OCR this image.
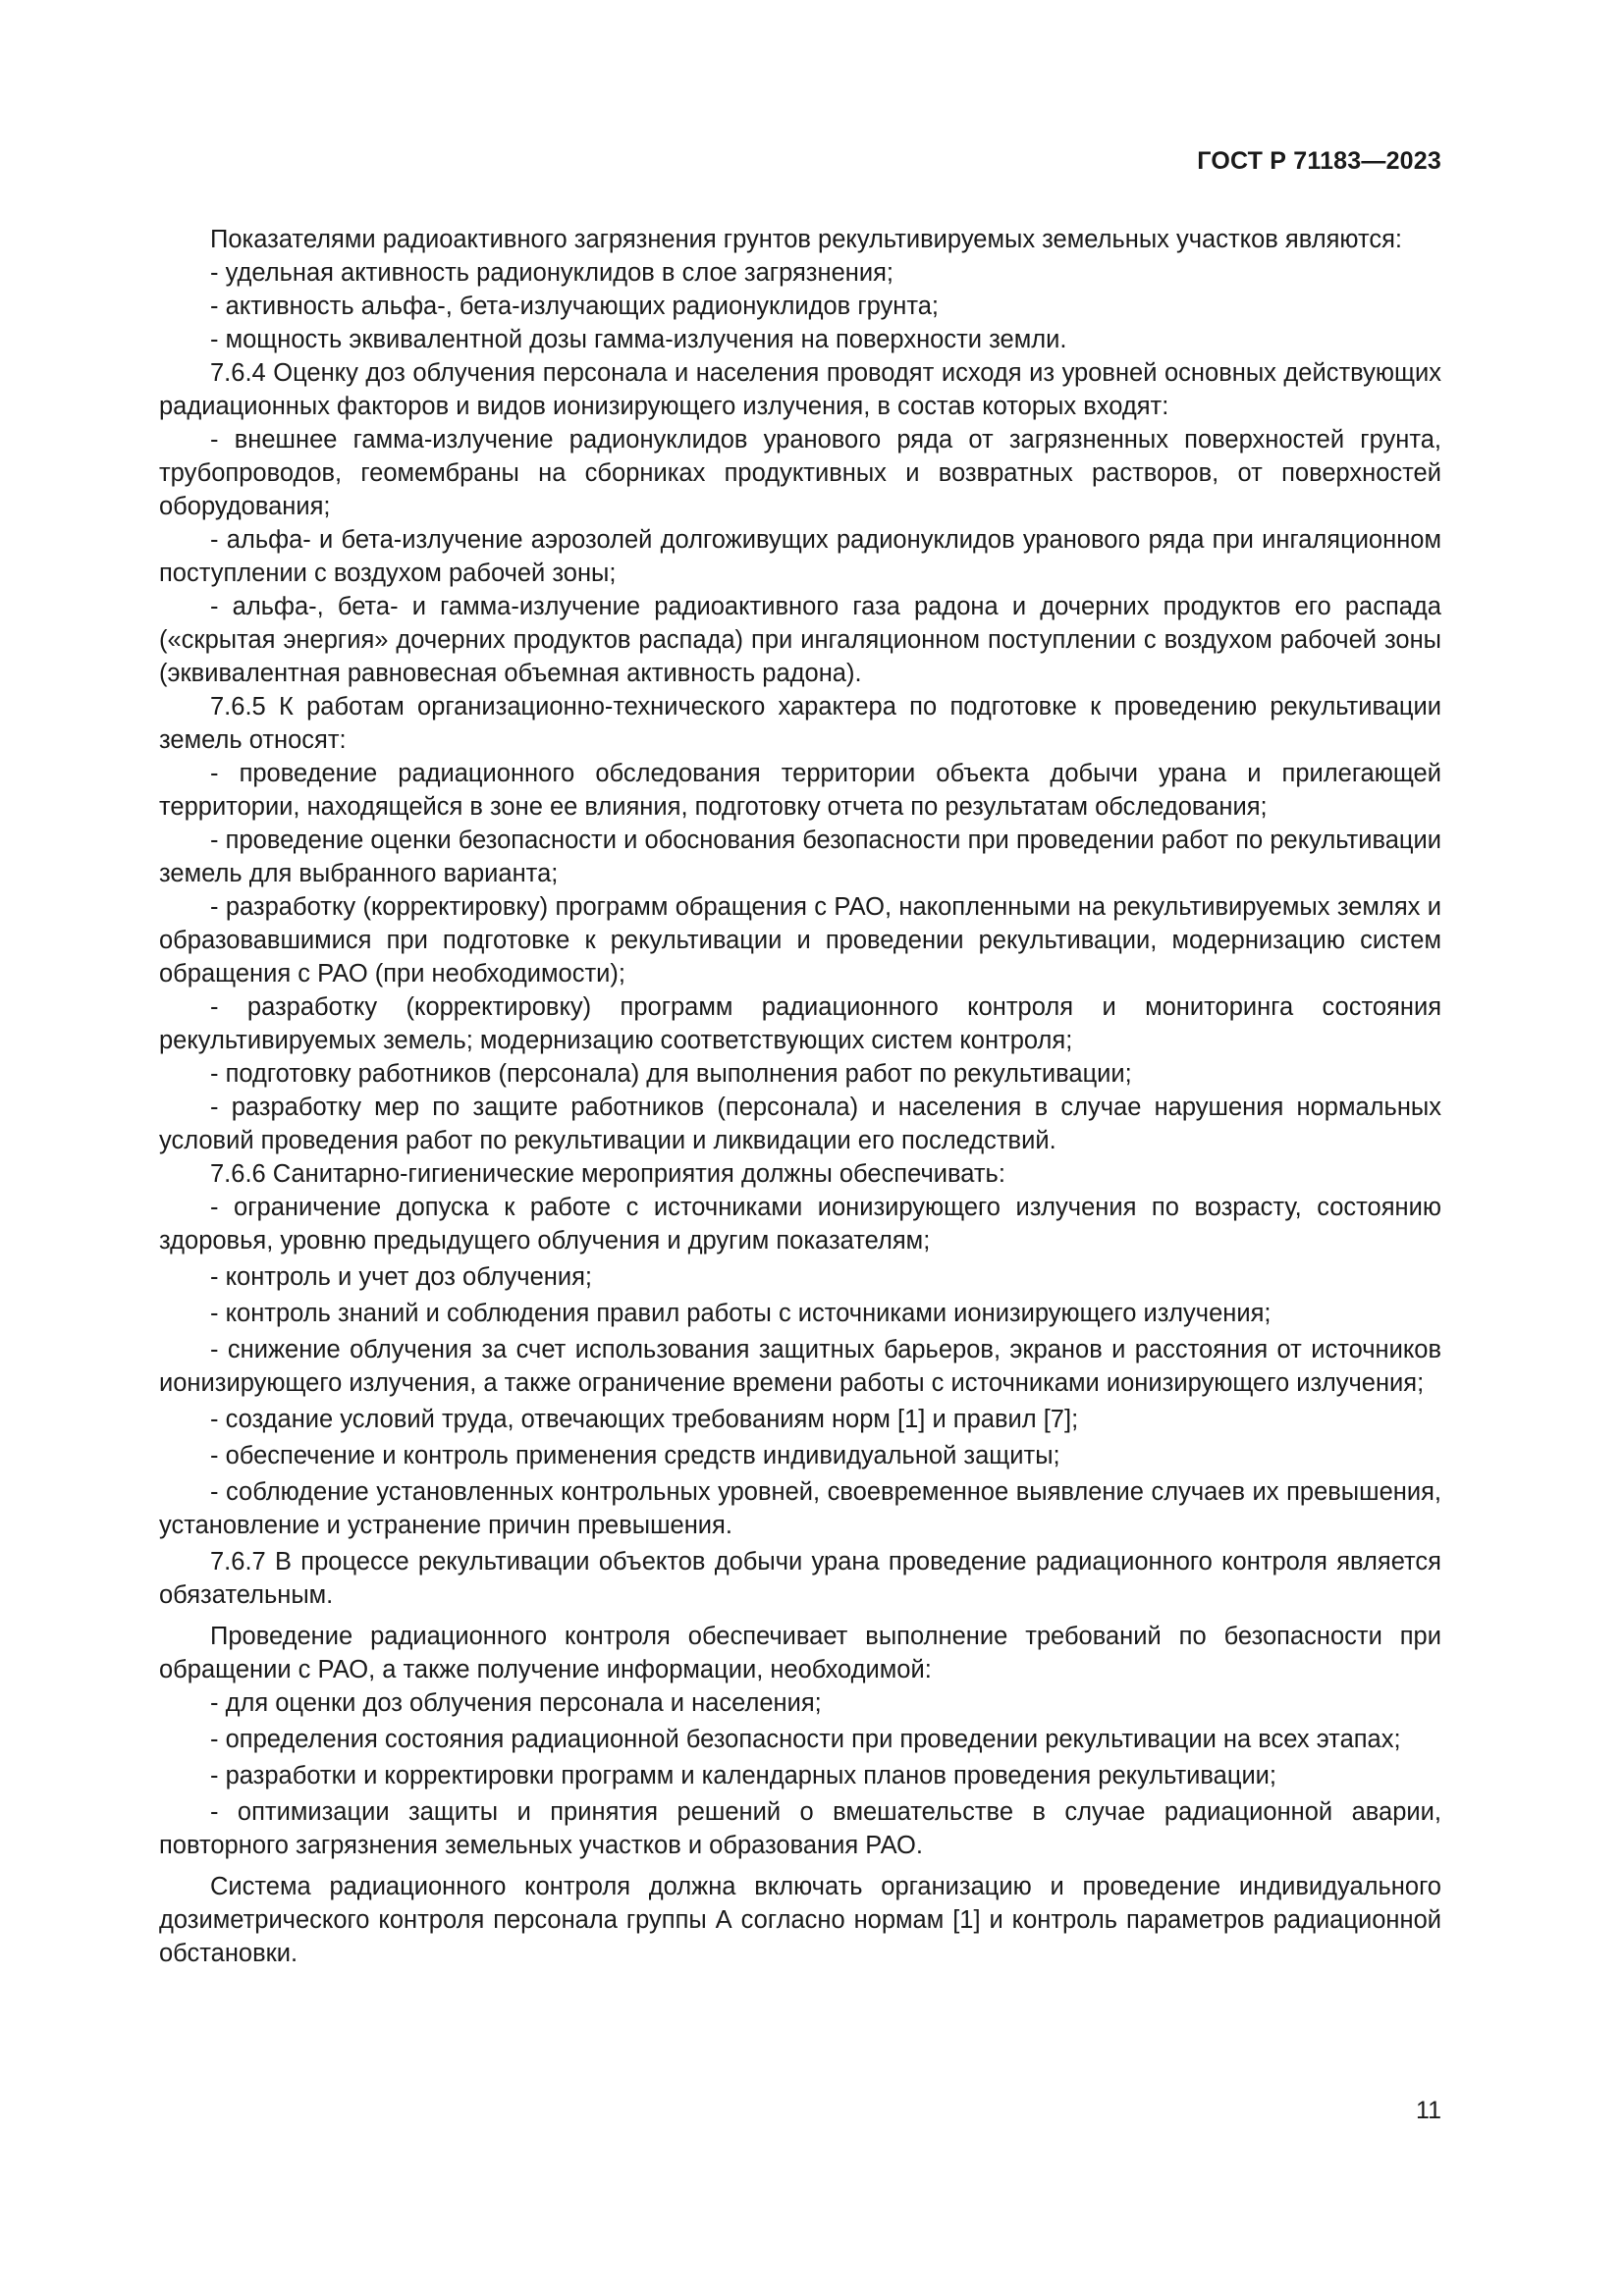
ГОСТ Р 71183—2023

Показателями радиоактивного загрязнения грунтов рекультивируемых земельных участков являются:

- удельная активность радионуклидов в слое загрязнения;

- активность альфа-, бета-излучающих радионуклидов грунта;

- мощность эквивалентной дозы гамма-излучения на поверхности земли.

7.6.4 Оценку доз облучения персонала и населения проводят исходя из уровней основных действующих радиационных факторов и видов ионизирующего излучения, в состав которых входят:

- внешнее гамма-излучение радионуклидов уранового ряда от загрязненных поверхностей грунта, трубопроводов, геомембраны на сборниках продуктивных и возвратных растворов, от поверхностей оборудования;

- альфа- и бета-излучение аэрозолей долгоживущих радионуклидов уранового ряда при ингаляционном поступлении с воздухом рабочей зоны;

- альфа-, бета- и гамма-излучение радиоактивного газа радона и дочерних продуктов его распада («скрытая энергия» дочерних продуктов распада) при ингаляционном поступлении с воздухом рабочей зоны (эквивалентная равновесная объемная активность радона).

7.6.5 К работам организационно-технического характера по подготовке к проведению рекультивации земель относят:

- проведение радиационного обследования территории объекта добычи урана и прилегающей территории, находящейся в зоне ее влияния, подготовку отчета по результатам обследования;

- проведение оценки безопасности и обоснования безопасности при проведении работ по рекультивации земель для выбранного варианта;

- разработку (корректировку) программ обращения с РАО, накопленными на рекультивируемых землях и образовавшимися при подготовке к рекультивации и проведении рекультивации, модернизацию систем обращения с РАО (при необходимости);

- разработку (корректировку) программ радиационного контроля и мониторинга состояния рекультивируемых земель; модернизацию соответствующих систем контроля;

- подготовку работников (персонала) для выполнения работ по рекультивации;

- разработку мер по защите работников (персонала) и населения в случае нарушения нормальных условий проведения работ по рекультивации и ликвидации его последствий.

7.6.6 Санитарно-гигиенические мероприятия должны обеспечивать:

- ограничение допуска к работе с источниками ионизирующего излучения по возрасту, состоянию здоровья, уровню предыдущего облучения и другим показателям;

- контроль и учет доз облучения;

- контроль знаний и соблюдения правил работы с источниками ионизирующего излучения;

- снижение облучения за счет использования защитных барьеров, экранов и расстояния от источников ионизирующего излучения, а также ограничение времени работы с источниками ионизирующего излучения;

- создание условий труда, отвечающих требованиям норм [1] и правил [7];

- обеспечение и контроль применения средств индивидуальной защиты;

- соблюдение установленных контрольных уровней, своевременное выявление случаев их превышения, установление и устранение причин превышения.

7.6.7 В процессе рекультивации объектов добычи урана проведение радиационного контроля является обязательным.

Проведение радиационного контроля обеспечивает выполнение требований по безопасности при обращении с РАО, а также получение информации, необходимой:

- для оценки доз облучения персонала и населения;

- определения состояния радиационной безопасности при проведении рекультивации на всех этапах;

- разработки и корректировки программ и календарных планов проведения рекультивации;

- оптимизации защиты и принятия решений о вмешательстве в случае радиационной аварии, повторного загрязнения земельных участков и образования РАО.

Система радиационного контроля должна включать организацию и проведение индивидуального дозиметрического контроля персонала группы А согласно нормам [1] и контроль параметров радиационной обстановки.

11
